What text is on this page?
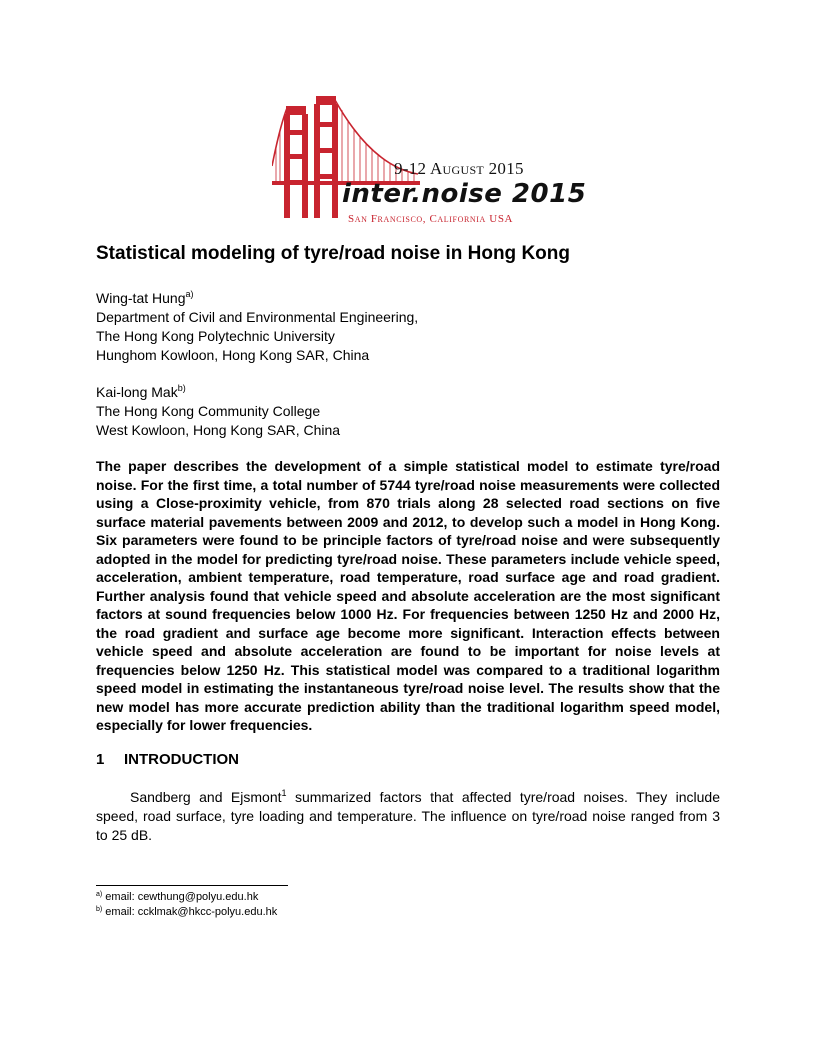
9-12 August 2015
inter.noise 2015
San Francisco, California USA
Statistical modeling of tyre/road noise in Hong Kong
Wing-tat Hung$^{a)}$
Department of Civil and Environmental Engineering,
The Hong Kong Polytechnic University
Hunghom Kowloon, Hong Kong SAR, China
Kai-long Mak$^{b)}$
The Hong Kong Community College
West Kowloon, Hong Kong SAR, China

The paper describes the development of a simple statistical model to estimate tyre/road noise. For the first time, a total number of 5744 tyre/road noise measurements were collected using a Close-proximity vehicle, from 870 trials along 28 selected road sections on five surface material pavements between 2009 and 2012, to develop such a model in Hong Kong. Six parameters were found to be principle factors of tyre/road noise and were subsequently adopted in the model for predicting tyre/road noise. These parameters include vehicle speed, acceleration, ambient temperature, road temperature, road surface age and road gradient. Further analysis found that vehicle speed and absolute acceleration are the most significant factors at sound frequencies below 1000 Hz. For frequencies between 1250 Hz and 2000 Hz, the road gradient and surface age become more significant. Interaction effects between vehicle speed and absolute acceleration are found to be important for noise levels at frequencies below 1250 Hz. This statistical model was compared to a traditional logarithm speed model in estimating the instantaneous tyre/road noise level. The results show that the new model has more accurate prediction ability than the traditional logarithm speed model, especially for lower frequencies.

1 INTRODUCTION

Sandberg and Ejsmont$^1$ summarized factors that affected tyre/road noises. They include speed, road surface, tyre loading and temperature. The influence on tyre/road noise ranged from 3 to 25 dB.

$^{a)}$ email: cewthung@polyu.edu.hk
$^{b)}$ email: ccklmak@hkcc-polyu.edu.hk
